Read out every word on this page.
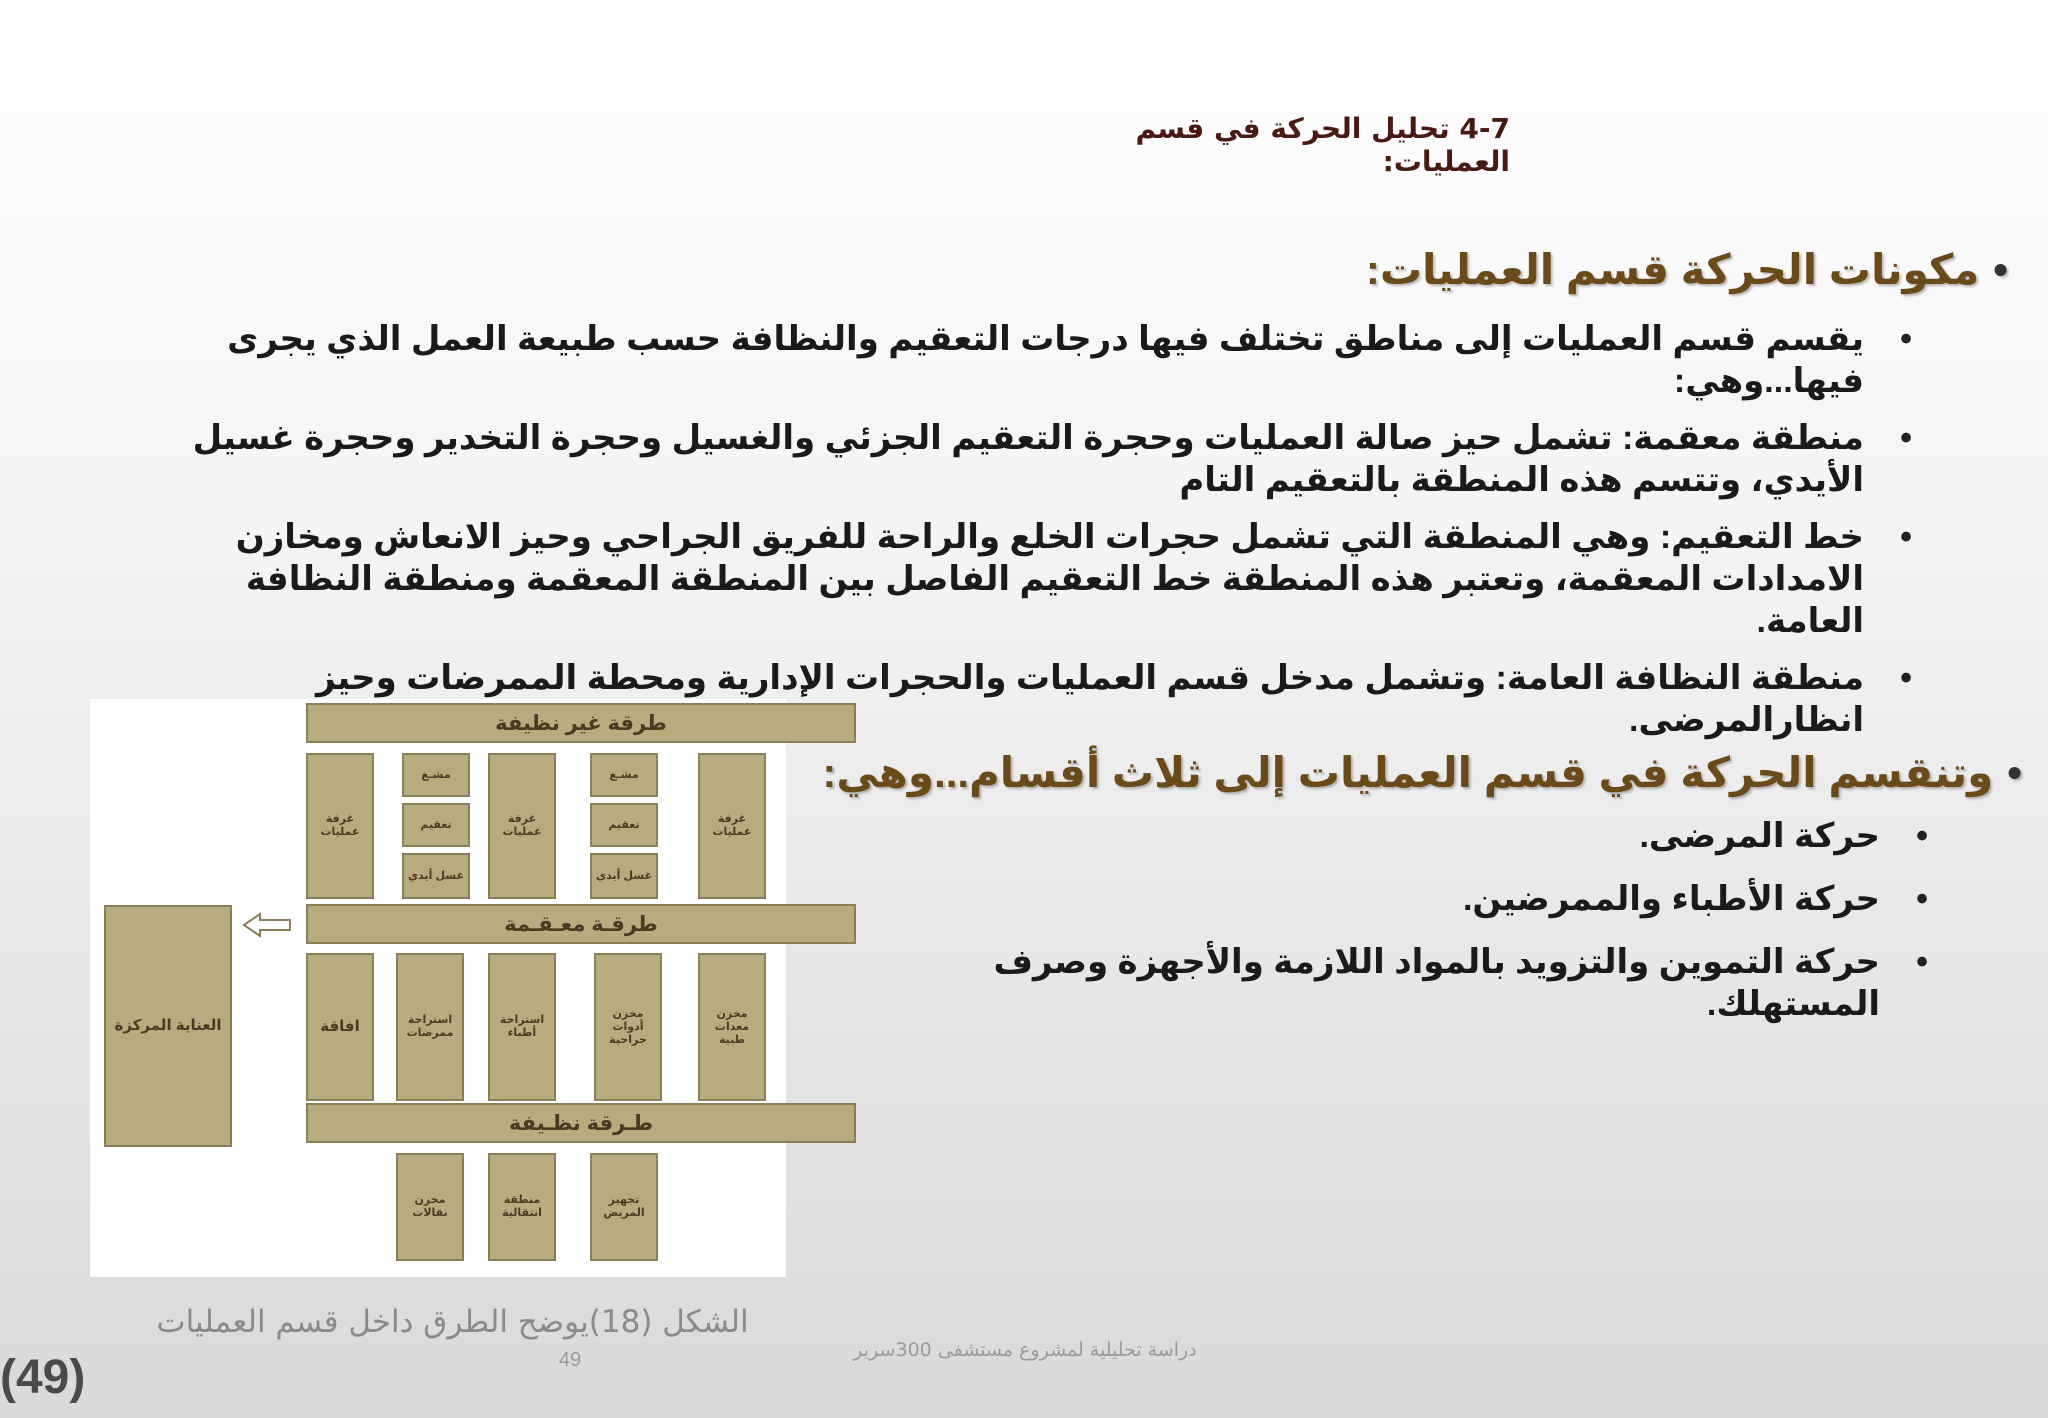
4-7 تحليل الحركة في قسم العمليات:
•مكونات الحركة قسم العمليات:
• يقسم قسم العمليات إلى مناطق تختلف فيها درجات التعقيم والنظافة حسب طبيعة العمل الذي يجرى فيها...وهي:
• منطقة معقمة: تشمل حيز صالة العمليات وحجرة التعقيم الجزئي والغسيل وحجرة التخدير وحجرة غسيل الأيدي، وتتسم هذه المنطقة بالتعقيم التام
• خط التعقيم: وهي المنطقة التي تشمل حجرات الخلع والراحة للفريق الجراحي وحيز الانعاش ومخازن الامدادات المعقمة، وتعتبر هذه المنطقة خط التعقيم الفاصل بين المنطقة المعقمة ومنطقة النظافة العامة.
• منطقة النظافة العامة: وتشمل مدخل قسم العمليات والحجرات الإدارية ومحطة الممرضات وحيز انظارالمرضى.
•وتنقسم الحركة في قسم العمليات إلى ثلاث أقسام...وهي:
• حركة المرضى.
• حركة الأطباء والممرضين.
• حركة التموين والتزويد بالمواد اللازمة والأجهزة وصرف المستهلك.
طرقة غير نظيفة
غرفة عمليات
مشـغ
تعقيم
غسل أيدي
غرفة عمليات
مشـغ
تعقيم
غسل أيدي
غرفة عمليات
طرقـة معـقـمة
العناية المركزة	افاقة	استراحة ممرضات
استراحة أطباء
مخزن أدوات جراحية
مخزن معدات طبية
طـرقة نظـيفة
مخزن نقالات
منطقة انتقالية
تجهيز المريض
الشكل (18)يوضح الطرق داخل قسم العمليات
49	دراسة تحليلية لمشروع مستشفى 300سرير
(49)
